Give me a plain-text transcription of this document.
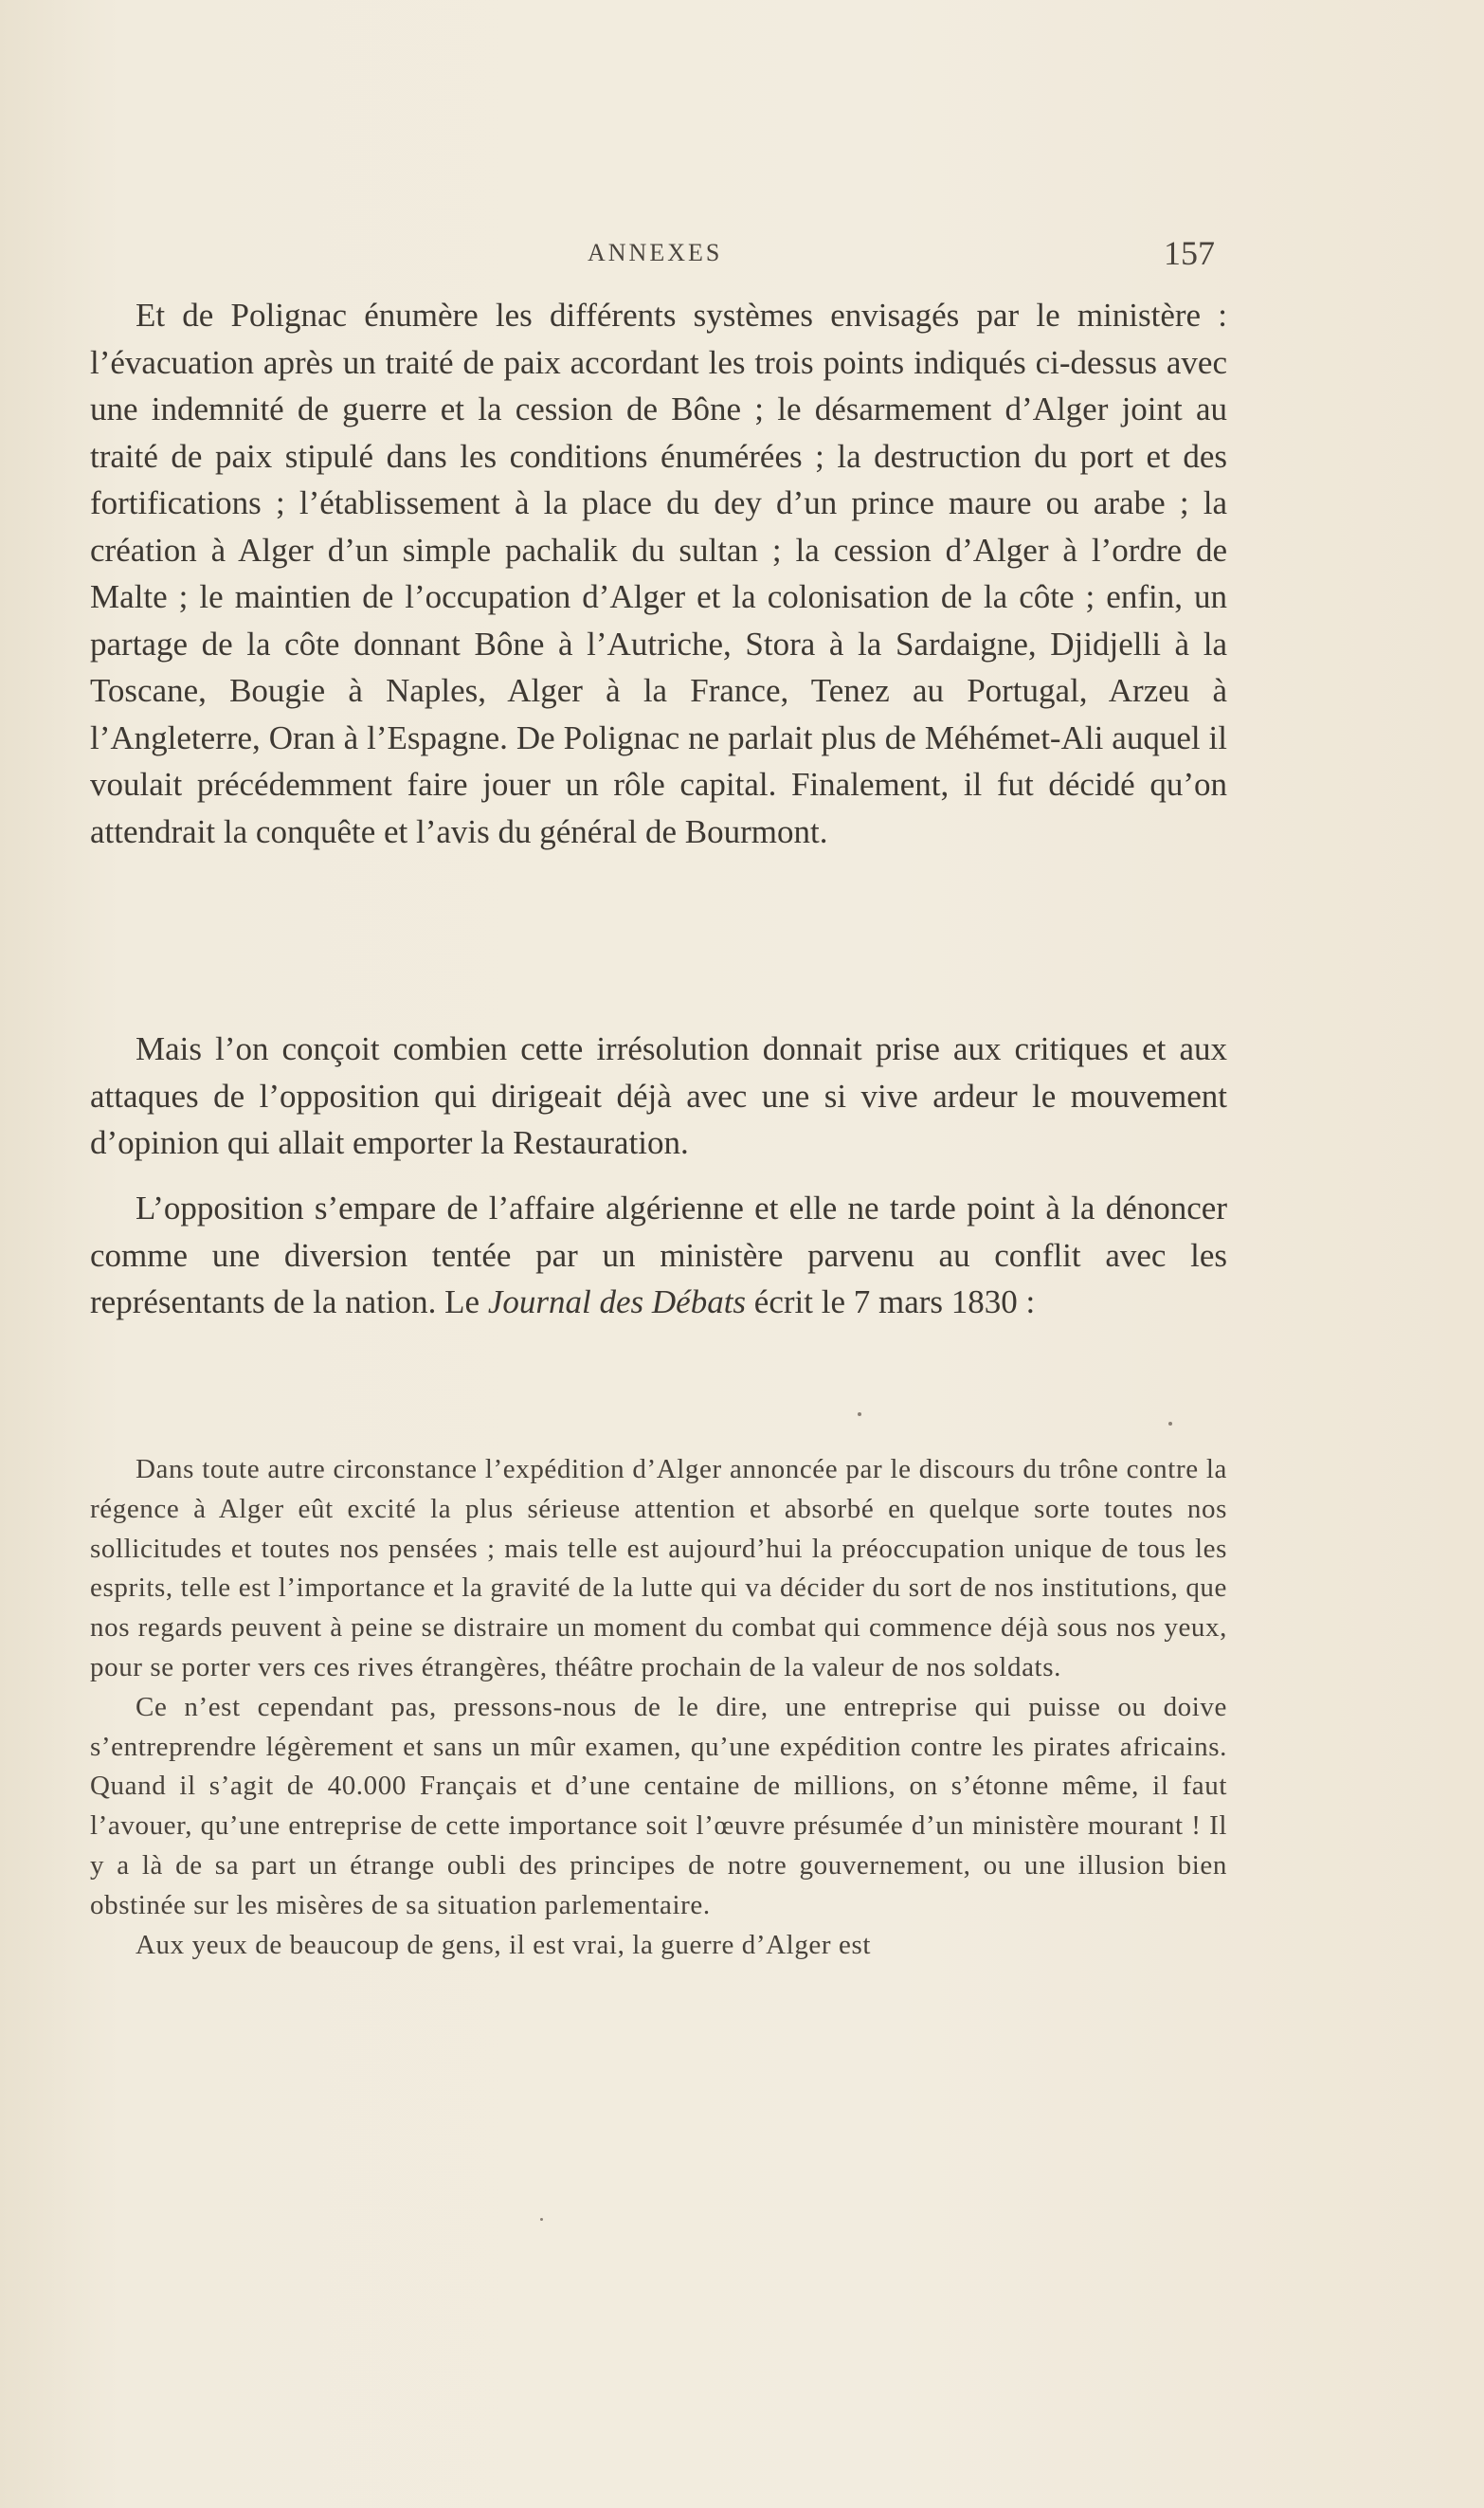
ANNEXES	157

Et de Polignac énumère les différents systèmes envisagés par le ministère : l’évacuation après un traité de paix accordant les trois points indiqués ci-dessus avec une indemnité de guerre et la cession de Bône ; le désarmement d’Alger joint au traité de paix stipulé dans les conditions énumérées ; la destruction du port et des fortifications ; l’établissement à la place du dey d’un prince maure ou arabe ; la création à Alger d’un simple pachalik du sultan ; la cession d’Alger à l’ordre de Malte ; le maintien de l’occupation d’Alger et la colonisation de la côte ; enfin, un partage de la côte donnant Bône à l’Autriche, Stora à la Sardaigne, Djidjelli à la Toscane, Bougie à Naples, Alger à la France, Tenez au Portugal, Arzeu à l’Angleterre, Oran à l’Espagne. De Polignac ne parlait plus de Méhémet-Ali auquel il voulait précédemment faire jouer un rôle capital. Finalement, il fut décidé qu’on attendrait la conquête et l’avis du général de Bourmont.

Mais l’on conçoit combien cette irrésolution donnait prise aux critiques et aux attaques de l’opposition qui dirigeait déjà avec une si vive ardeur le mouvement d’opinion qui allait emporter la Restauration.

L’opposition s’empare de l’affaire algérienne et elle ne tarde point à la dénoncer comme une diversion tentée par un ministère parvenu au conflit avec les représentants de la nation. Le Journal des Débats écrit le 7 mars 1830 :

Dans toute autre circonstance l’expédition d’Alger annoncée par le discours du trône contre la régence à Alger eût excité la plus sérieuse attention et absorbé en quelque sorte toutes nos sollicitudes et toutes nos pensées ; mais telle est aujourd’hui la préoccupation unique de tous les esprits, telle est l’importance et la gravité de la lutte qui va décider du sort de nos institutions, que nos regards peuvent à peine se distraire un moment du combat qui commence déjà sous nos yeux, pour se porter vers ces rives étrangères, théâtre prochain de la valeur de nos soldats.

Ce n’est cependant pas, pressons-nous de le dire, une entreprise qui puisse ou doive s’entreprendre légèrement et sans un mûr examen, qu’une expédition contre les pirates africains. Quand il s’agit de 40.000 Français et d’une centaine de millions, on s’étonne même, il faut l’avouer, qu’une entreprise de cette importance soit l’œuvre présumée d’un ministère mourant ! Il y a là de sa part un étrange oubli des principes de notre gouvernement, ou une illusion bien obstinée sur les misères de sa situation parlementaire.

Aux yeux de beaucoup de gens, il est vrai, la guerre d’Alger est
